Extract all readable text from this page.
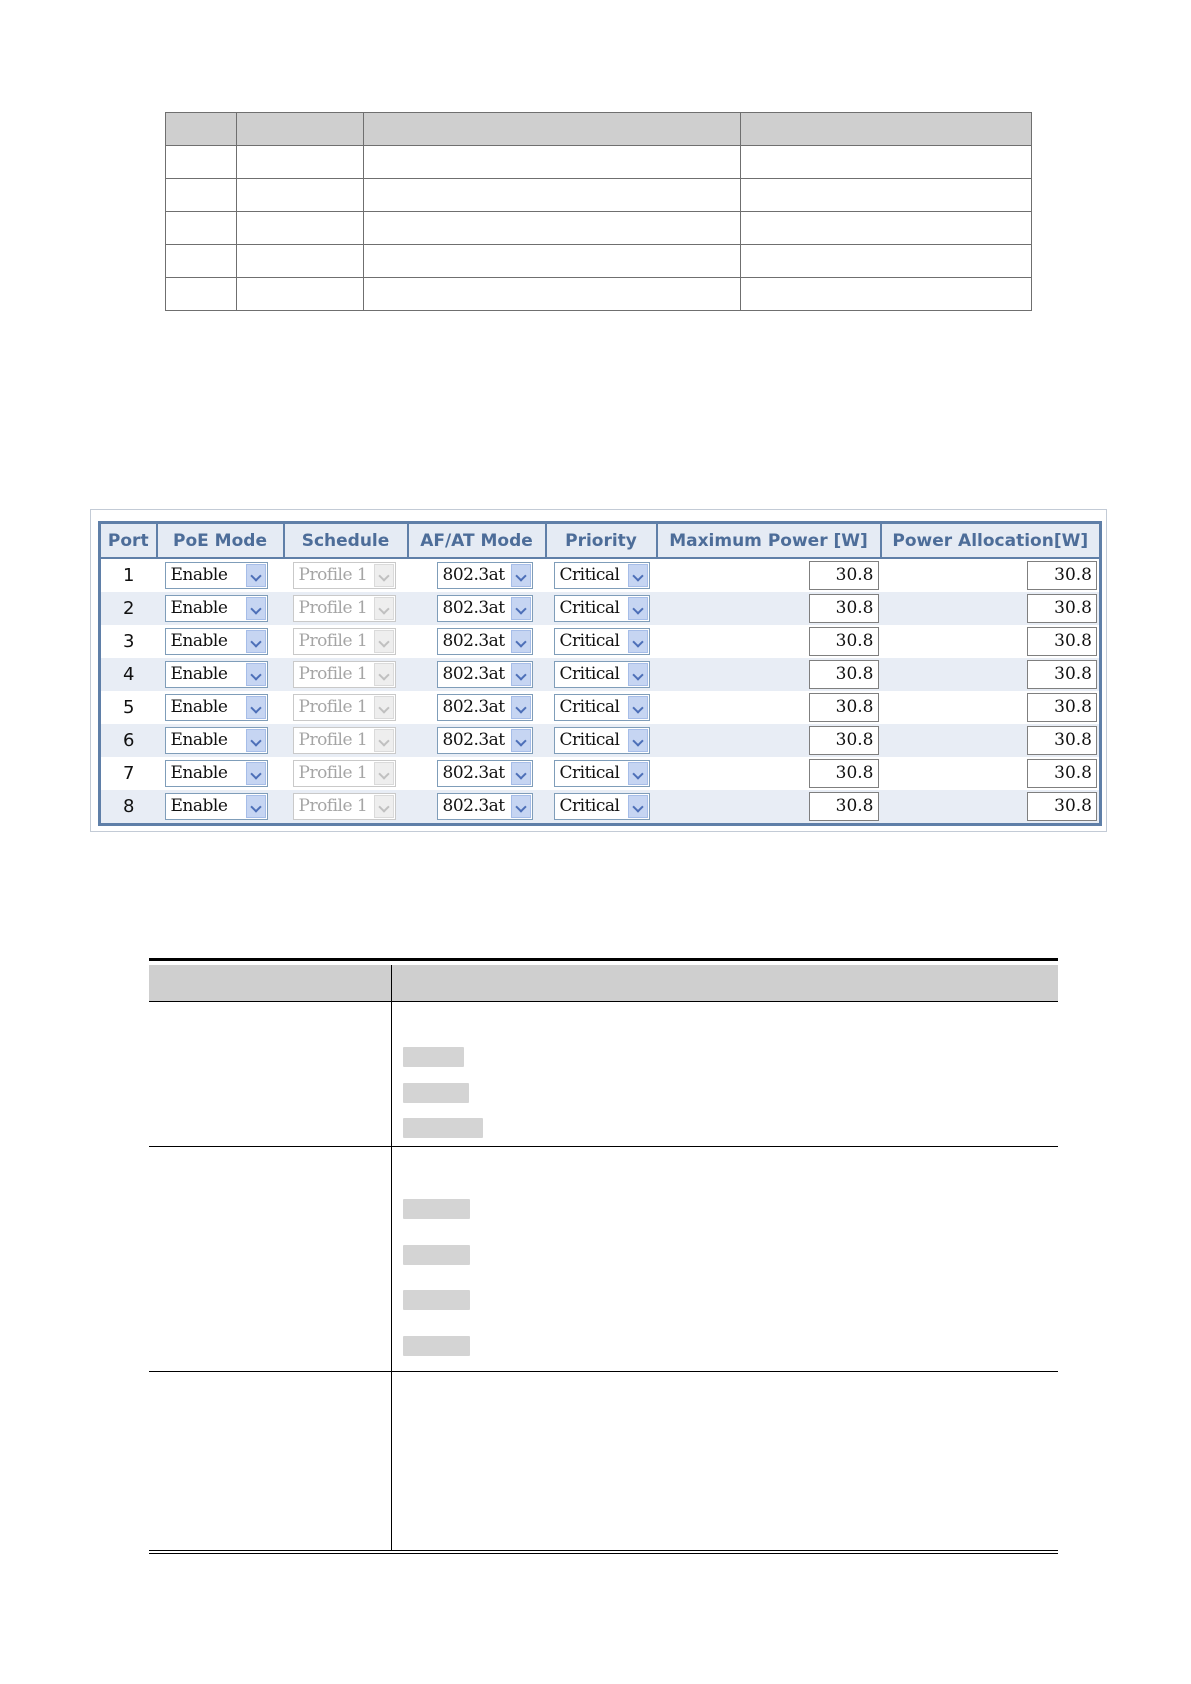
Port	PoE Mode	Schedule	AF/AT Mode	Priority	Maximum Power [W]	Power Allocation[W]
1	Enable	Profile 1	802.3at	Critical	30.8	30.8

2	Enable	Profile 1	802.3at	Critical	30.8	30.8

3	Enable	Profile 1	802.3at	Critical	30.8	30.8

4	Enable	Profile 1	802.3at	Critical	30.8	30.8

5	Enable	Profile 1	802.3at	Critical	30.8	30.8

6	Enable	Profile 1	802.3at	Critical	30.8	30.8

7	Enable	Profile 1	802.3at	Critical	30.8	30.8

8	Enable	Profile 1	802.3at	Critical	30.8	30.8
